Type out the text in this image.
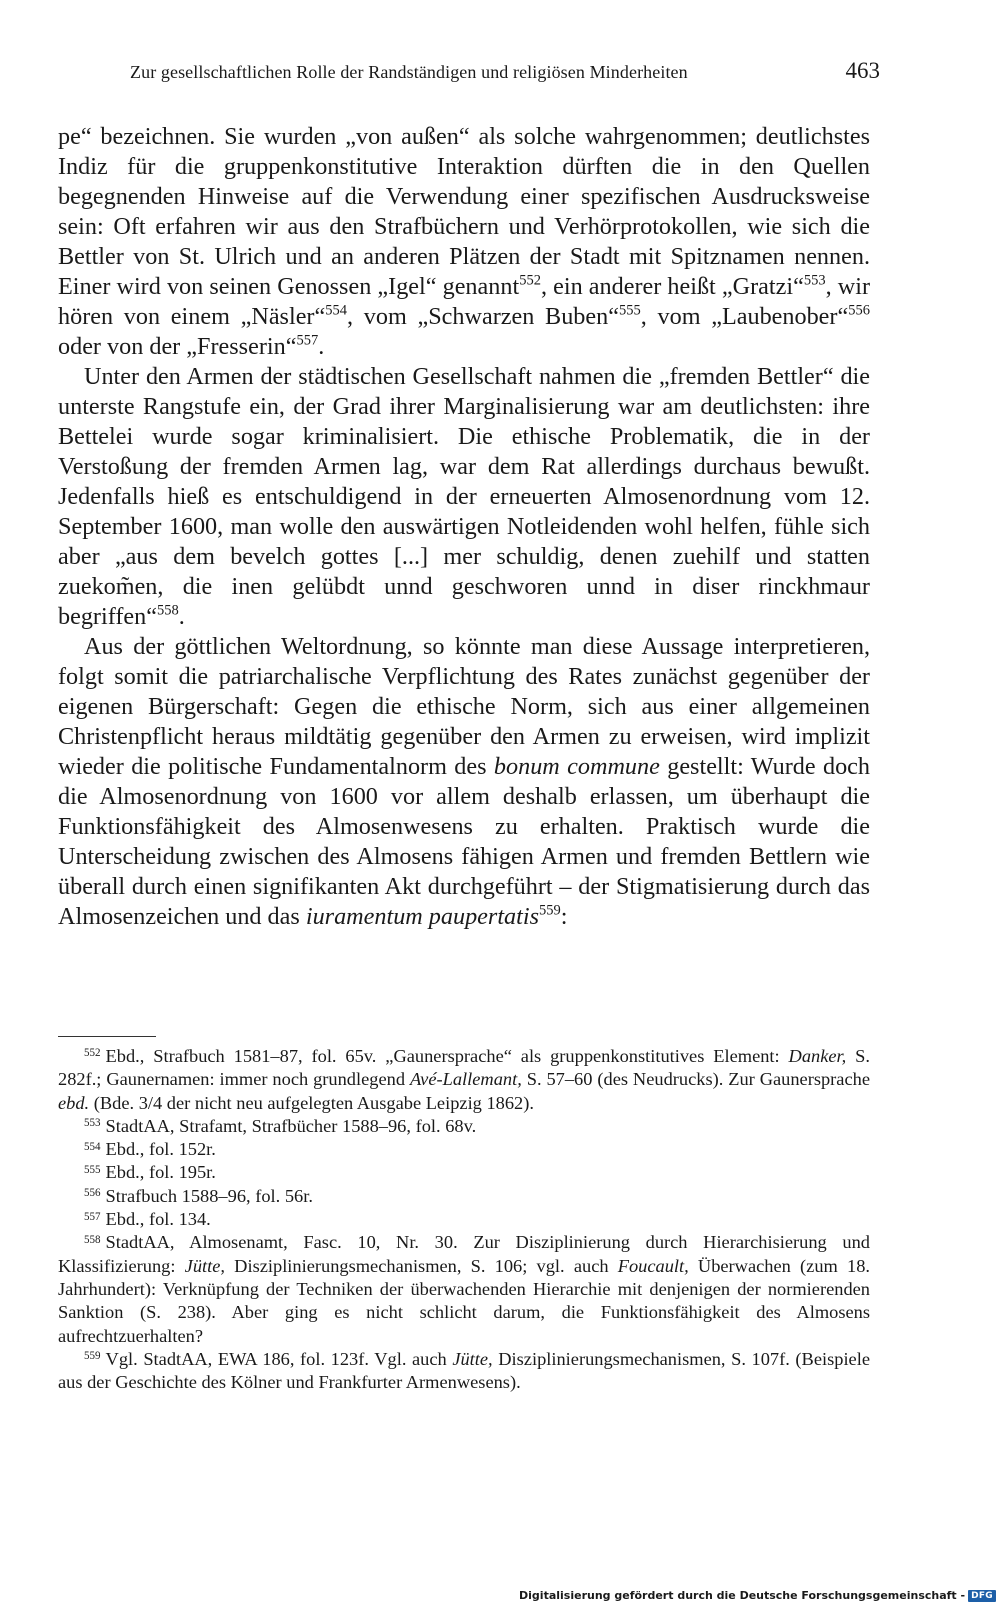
Zur gesellschaftlichen Rolle der Randständigen und religiösen Minderheiten	463

pe“ bezeichnen. Sie wurden „von außen“ als solche wahrgenommen; deutlichstes Indiz für die gruppenkonstitutive Interaktion dürften die in den Quellen begegnenden Hinweise auf die Verwendung einer spezifischen Ausdrucksweise sein: Oft erfahren wir aus den Strafbüchern und Verhörprotokollen, wie sich die Bettler von St. Ulrich und an anderen Plätzen der Stadt mit Spitznamen nennen. Einer wird von seinen Genossen „Igel“ genannt$^{552}$, ein anderer heißt „Gratzi“$^{553}$, wir hören von einem „Näsler“$^{554}$, vom „Schwarzen Buben“$^{555}$, vom „Laubenober“$^{556}$ oder von der „Fresserin“$^{557}$.

Unter den Armen der städtischen Gesellschaft nahmen die „fremden Bettler“ die unterste Rangstufe ein, der Grad ihrer Marginalisierung war am deutlichsten: ihre Bettelei wurde sogar kriminalisiert. Die ethische Problematik, die in der Verstoßung der fremden Armen lag, war dem Rat allerdings durchaus bewußt. Jedenfalls hieß es entschuldigend in der erneuerten Almosenordnung vom 12. September 1600, man wolle den auswärtigen Notleidenden wohl helfen, fühle sich aber „aus dem bevelch gottes [...] mer schuldig, denen zuehilf und statten zuekom̃en, die inen gelübdt unnd geschworen unnd in diser rinckhmaur begriffen“$^{558}$.

Aus der göttlichen Weltordnung, so könnte man diese Aussage interpretieren, folgt somit die patriarchalische Verpflichtung des Rates zunächst gegenüber der eigenen Bürgerschaft: Gegen die ethische Norm, sich aus einer allgemeinen Christenpflicht heraus mildtätig gegenüber den Armen zu erweisen, wird implizit wieder die politische Fundamentalnorm des bonum commune gestellt: Wurde doch die Almosenordnung von 1600 vor allem deshalb erlassen, um überhaupt die Funktionsfähigkeit des Almosenwesens zu erhalten. Praktisch wurde die Unterscheidung zwischen des Almosens fähigen Armen und fremden Bettlern wie überall durch einen signifikanten Akt durchgeführt – der Stigmatisierung durch das Almosenzeichen und das iuramentum paupertatis$^{559}$:

$^{552}$ Ebd., Strafbuch 1581–87, fol. 65v. „Gaunersprache“ als gruppenkonstitutives Element: Danker, S. 282f.; Gaunernamen: immer noch grundlegend Avé-Lallemant, S. 57–60 (des Neudrucks). Zur Gaunersprache ebd. (Bde. 3/4 der nicht neu aufgelegten Ausgabe Leipzig 1862).

$^{553}$ StadtAA, Strafamt, Strafbücher 1588–96, fol. 68v.

$^{554}$ Ebd., fol. 152r.

$^{555}$ Ebd., fol. 195r.

$^{556}$ Strafbuch 1588–96, fol. 56r.

$^{557}$ Ebd., fol. 134.

$^{558}$ StadtAA, Almosenamt, Fasc. 10, Nr. 30. Zur Disziplinierung durch Hierarchisierung und Klassifizierung: Jütte, Disziplinierungsmechanismen, S. 106; vgl. auch Foucault, Überwachen (zum 18. Jahrhundert): Verknüpfung der Techniken der überwachenden Hierarchie mit denjenigen der normierenden Sanktion (S. 238). Aber ging es nicht schlicht darum, die Funktionsfähigkeit des Almosens aufrechtzuerhalten?

$^{559}$ Vgl. StadtAA, EWA 186, fol. 123f. Vgl. auch Jütte, Disziplinierungsmechanismen, S. 107f. (Beispiele aus der Geschichte des Kölner und Frankfurter Armenwesens).

Digitalisierung gefördert durch die Deutsche Forschungsgemeinschaft - DFG
